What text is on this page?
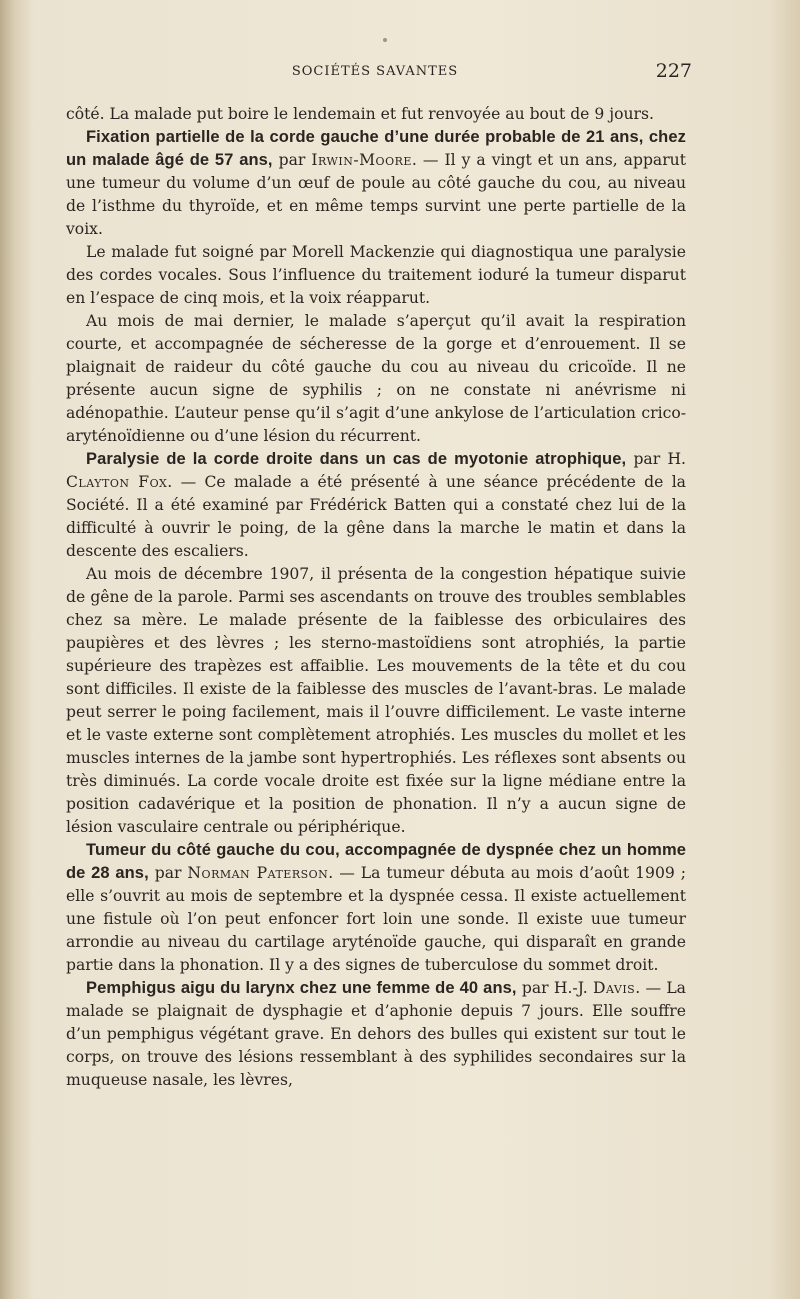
SOCIÉTÉS SAVANTES	227

côté. La malade put boire le lendemain et fut renvoyée au bout de 9 jours.

Fixation partielle de la corde gauche d’une durée probable de 21 ans, chez un malade âgé de 57 ans, par Irwin-Moore. — Il y a vingt et un ans, apparut une tumeur du volume d’un œuf de poule au côté gauche du cou, au niveau de l’isthme du thyroïde, et en même temps survint une perte partielle de la voix.

Le malade fut soigné par Morell Mackenzie qui diagnostiqua une paralysie des cordes vocales. Sous l’influence du traitement ioduré la tumeur disparut en l’espace de cinq mois, et la voix réapparut.

Au mois de mai dernier, le malade s’aperçut qu’il avait la respiration courte, et accompagnée de sécheresse de la gorge et d’enrouement. Il se plaignait de raideur du côté gauche du cou au niveau du cricoïde. Il ne présente aucun signe de syphilis ; on ne constate ni anévrisme ni adénopathie. L’auteur pense qu’il s’agit d’une ankylose de l’articulation crico-aryténoïdienne ou d’une lésion du récurrent.

Paralysie de la corde droite dans un cas de myotonie atrophique, par H. Clayton Fox. — Ce malade a été présenté à une séance précédente de la Société. Il a été examiné par Frédérick Batten qui a constaté chez lui de la difficulté à ouvrir le poing, de la gêne dans la marche le matin et dans la descente des escaliers.

Au mois de décembre 1907, il présenta de la congestion hépatique suivie de gêne de la parole. Parmi ses ascendants on trouve des troubles semblables chez sa mère. Le malade présente de la faiblesse des orbiculaires des paupières et des lèvres ; les sterno-mastoïdiens sont atrophiés, la partie supérieure des trapèzes est affaiblie. Les mouvements de la tête et du cou sont difficiles. Il existe de la faiblesse des muscles de l’avant-bras. Le malade peut serrer le poing facilement, mais il l’ouvre difficilement. Le vaste interne et le vaste externe sont complètement atrophiés. Les muscles du mollet et les muscles internes de la jambe sont hypertrophiés. Les réflexes sont absents ou très diminués. La corde vocale droite est fixée sur la ligne médiane entre la position cadavérique et la position de phonation. Il n’y a aucun signe de lésion vasculaire centrale ou périphérique.

Tumeur du côté gauche du cou, accompagnée de dyspnée chez un homme de 28 ans, par Norman Paterson. — La tumeur débuta au mois d’août 1909 ; elle s’ouvrit au mois de septembre et la dyspnée cessa. Il existe actuellement une fistule où l’on peut enfoncer fort loin une sonde. Il existe uue tumeur arrondie au niveau du cartilage aryténoïde gauche, qui disparaît en grande partie dans la phonation. Il y a des signes de tuberculose du sommet droit.

Pemphigus aigu du larynx chez une femme de 40 ans, par H.-J. Davis. — La malade se plaignait de dysphagie et d’aphonie depuis 7 jours. Elle souffre d’un pemphigus végétant grave. En dehors des bulles qui existent sur tout le corps, on trouve des lésions ressemblant à des syphilides secondaires sur la muqueuse nasale, les lèvres,
